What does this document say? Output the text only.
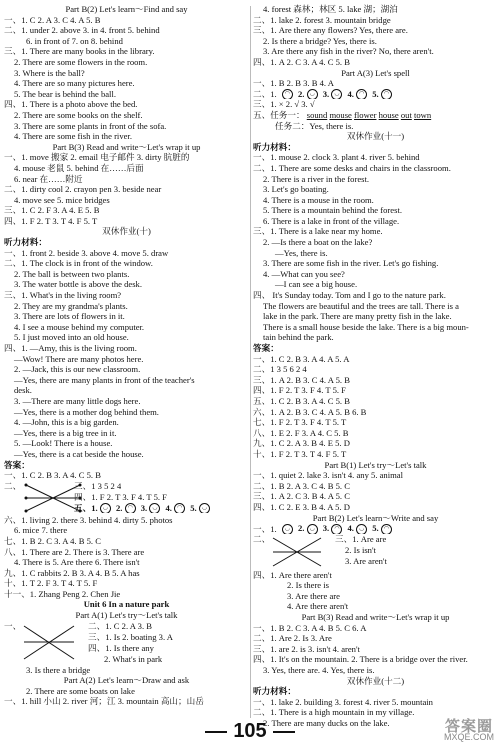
Part B(2) Let's learn～Find and say
一、1. C 2. A 3. C 4. A 5. B
二、1. under 2. above 3. in 4. front 5. behind
6. in front of 7. on 8. behind
三、1. There are many books in the library.
2. There are some flowers in the room.
3. Where is the ball?
4. There are so many pictures here.
5. The bear is behind the ball.
四、1. There is a photo above the bed.
2. There are some books on the shelf.
3. There are some plants in front of the sofa.
4. There are some fish in the river.
Part B(3) Read and write～Let's wrap it up
一、1. move 搬家 2. email 电子邮件 3. dirty 肮脏的
4. mouse 老鼠 5. behind 在……后面
6. near 在……附近
二、1. dirty cool 2. crayon pen 3. beside near
4. move see 5. mice bridges
三、1. C 2. F 3. A 4. E 5. B
四、1. F 2. T 3. T 4. F 5. T
双休作业(十)
听力材料：
一、1. front 2. beside 3. above 4. move 5. draw
二、1. The clock is in front of the window.
2. The ball is between two plants.
3. The water bottle is above the desk.
三、1. What's in the living room?
2. They are my grandma's plants.
3. There are lots of flowers in it.
4. I see a mouse behind my computer.
5. I just moved into an old house.
四、1. —Amy, this is the living room.
—Wow! There are many photos here.
2. —Jack, this is our new classroom.
—Yes, there are many plants in front of the teacher's
desk.
3. —There are many little dogs here.
—Yes, there is a mother dog behind them.
4. —John, this is a big garden.
—Yes, there is a big tree in it.
5. —Look! There is a house.
—Yes, there is a cat beside the house.
答案：
一、1. C 2. B 3. A 4. C 5. B
二、	三、1 3 5 2 4
四、1. F 2. T 3. F 4. T 5. F
五、1. ◡ 2. ◠ 3. ◡ 4. ◠ 5. ◡
六、1. living 2. there 3. behind 4. dirty 5. photos
6. mice 7. there
七、1. B 2. C 3. A 4. B 5. C
八、1. There are 2. There is 3. There are
4. There is 5. Are there 6. There isn't
九、1. C rabbits 2. B 3. A 4. B 5. A has
十、1. T 2. F 3. T 4. T 5. F
十一、1. Zhang Peng 2. Chen Jie
Unit 6 In a nature park
Part A(1) Let's try～Let's talk
一、	二、1. C 2. A 3. B
三、1. Is 2. boating 3. A
四、1. Is there any
2. What's in park
3. Is there a bridge
Part A(2) Let's learn～Draw and ask
2. There are some boats on lake
一、1. hill 小山 2. river 河；江 3. mountain 高山；山岳
4. forest 森林；林区 5. lake 湖；湖泊
二、1. lake 2. forest 3. mountain bridge
三、1. Are there any flowers? Yes, there are.
2. Is there a bridge? Yes, there is.
3. Are there any fish in the river? No, there aren't.
四、1. A 2. C 3. A 4. C 5. B
Part A(3) Let's spell
一、1. B 2. B 3. B 4. A
二、1. ◠ 2. ◡ 3. ◡ 4. ◠ 5. ◠
三、1. × 2. √ 3. √
五、任务一： sound mouse flower house out town
任务二：Yes, there is.
双休作业(十一)
听力材料：
一、1. mouse 2. clock 3. plant 4. river 5. behind
二、1. There are some desks and chairs in the classroom.
2. There is a river in the forest.
3. Let's go boating.
4. There is a mouse in the room.
5. There is a mountain behind the forest.
6. There is a lake in front of the village.
三、1. There is a lake near my home.
2. —Is there a boat on the lake?
—Yes, there is.
3. There are some fish in the river. Let's go fishing.
4. —What can you see?
—I can see a big house.
四、 It's Sunday today. Tom and I go to the nature park.
The flowers are beautiful and the trees are tall. There is a
lake in the park. There are many pretty fish in the lake.
There is a small house beside the lake. There is a big moun-
tain behind the park.
答案：
一、1. C 2. B 3. A 4. A 5. A
二、1 3 5 6 2 4
三、1. A 2. B 3. C 4. A 5. B
四、1. F 2. T 3. F 4. T 5. F
五、1. C 2. B 3. A 4. C 5. B
六、1. A 2. B 3. C 4. A 5. B 6. B
七、1. F 2. T 3. F 4. T 5. T
八、1. E 2. F 3. A 4. C 5. B
九、1. C 2. A 3. B 4. E 5. D
十、1. F 2. T 3. T 4. F 5. T
Part B(1) Let's try～Let's talk
一、1. quiet 2. lake 3. isn't 4. any 5. animal
二、1. B 2. A 3. C 4. B 5. C
三、1. A 2. C 3. B 4. A 5. C
四、1. C 2. E 3. B 4. A 5. D
Part B(2) Let's learn～Write and say
一、1. ◡ 2. ◡ 3. ◠ 4. ◡ 5. ◠
二、	三、1. Are are
2. Is isn't
3. Are aren't
四、1. Are there aren't
2. Is there is
3. Are there are
4. Are there aren't
Part B(3) Read and write～Let's wrap it up
一、1. B 2. C 3. A 4. B 5. C 6. A
二、1. Are 2. Is 3. Are
三、1. are 2. is 3. isn't 4. aren't
四、1. It's on the mountain. 2. There is a bridge over the river.
3. Yes, there are. 4. Yes, there is.
双休作业(十二)
听力材料：
一、1. lake 2. building 3. forest 4. river 5. mountain
二、1. There is a high mountain in my village.
2. There are many ducks on the lake.
105	答案圈
MXQE.COM
